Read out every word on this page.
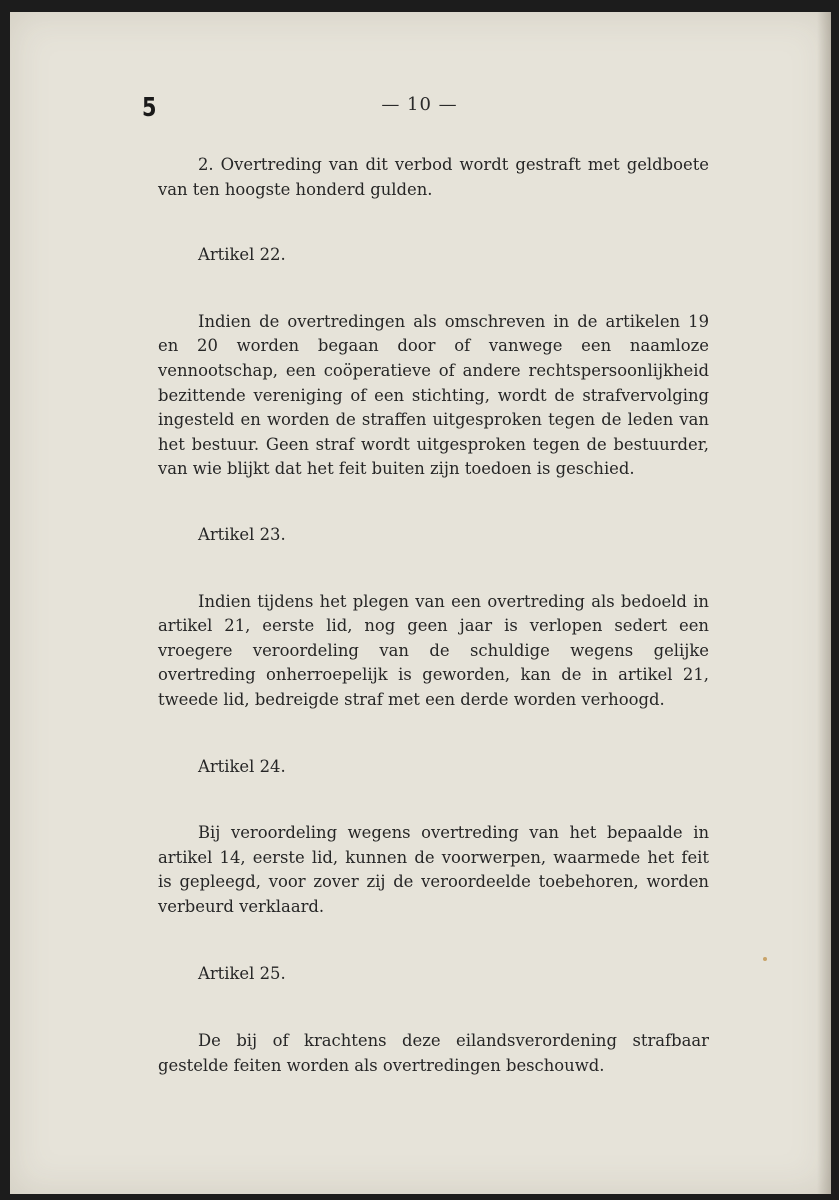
5	— 10 —

2. Overtreding van dit verbod wordt gestraft met geldboete van ten hoogste honderd gulden.

Artikel 22.

Indien de overtredingen als omschreven in de artikelen 19 en 20 worden begaan door of vanwege een naamloze vennootschap, een coöperatieve of andere rechtspersoonlijkheid bezittende vereniging of een stichting, wordt de strafvervolging ingesteld en worden de straffen uitgesproken tegen de leden van het bestuur. Geen straf wordt uitgesproken tegen de bestuurder, van wie blijkt dat het feit buiten zijn toedoen is geschied.

Artikel 23.

Indien tijdens het plegen van een overtreding als bedoeld in artikel 21, eerste lid, nog geen jaar is verlopen sedert een vroegere veroordeling van de schuldige wegens gelijke overtreding onherroepelijk is geworden, kan de in artikel 21, tweede lid, bedreigde straf met een derde worden verhoogd.

Artikel 24.

Bij veroordeling wegens overtreding van het bepaalde in artikel 14, eerste lid, kunnen de voorwerpen, waarmede het feit is gepleegd, voor zover zij de veroordeelde toebehoren, worden verbeurd verklaard.

Artikel 25.

De bij of krachtens deze eilandsverordening strafbaar gestelde feiten worden als overtredingen beschouwd.
